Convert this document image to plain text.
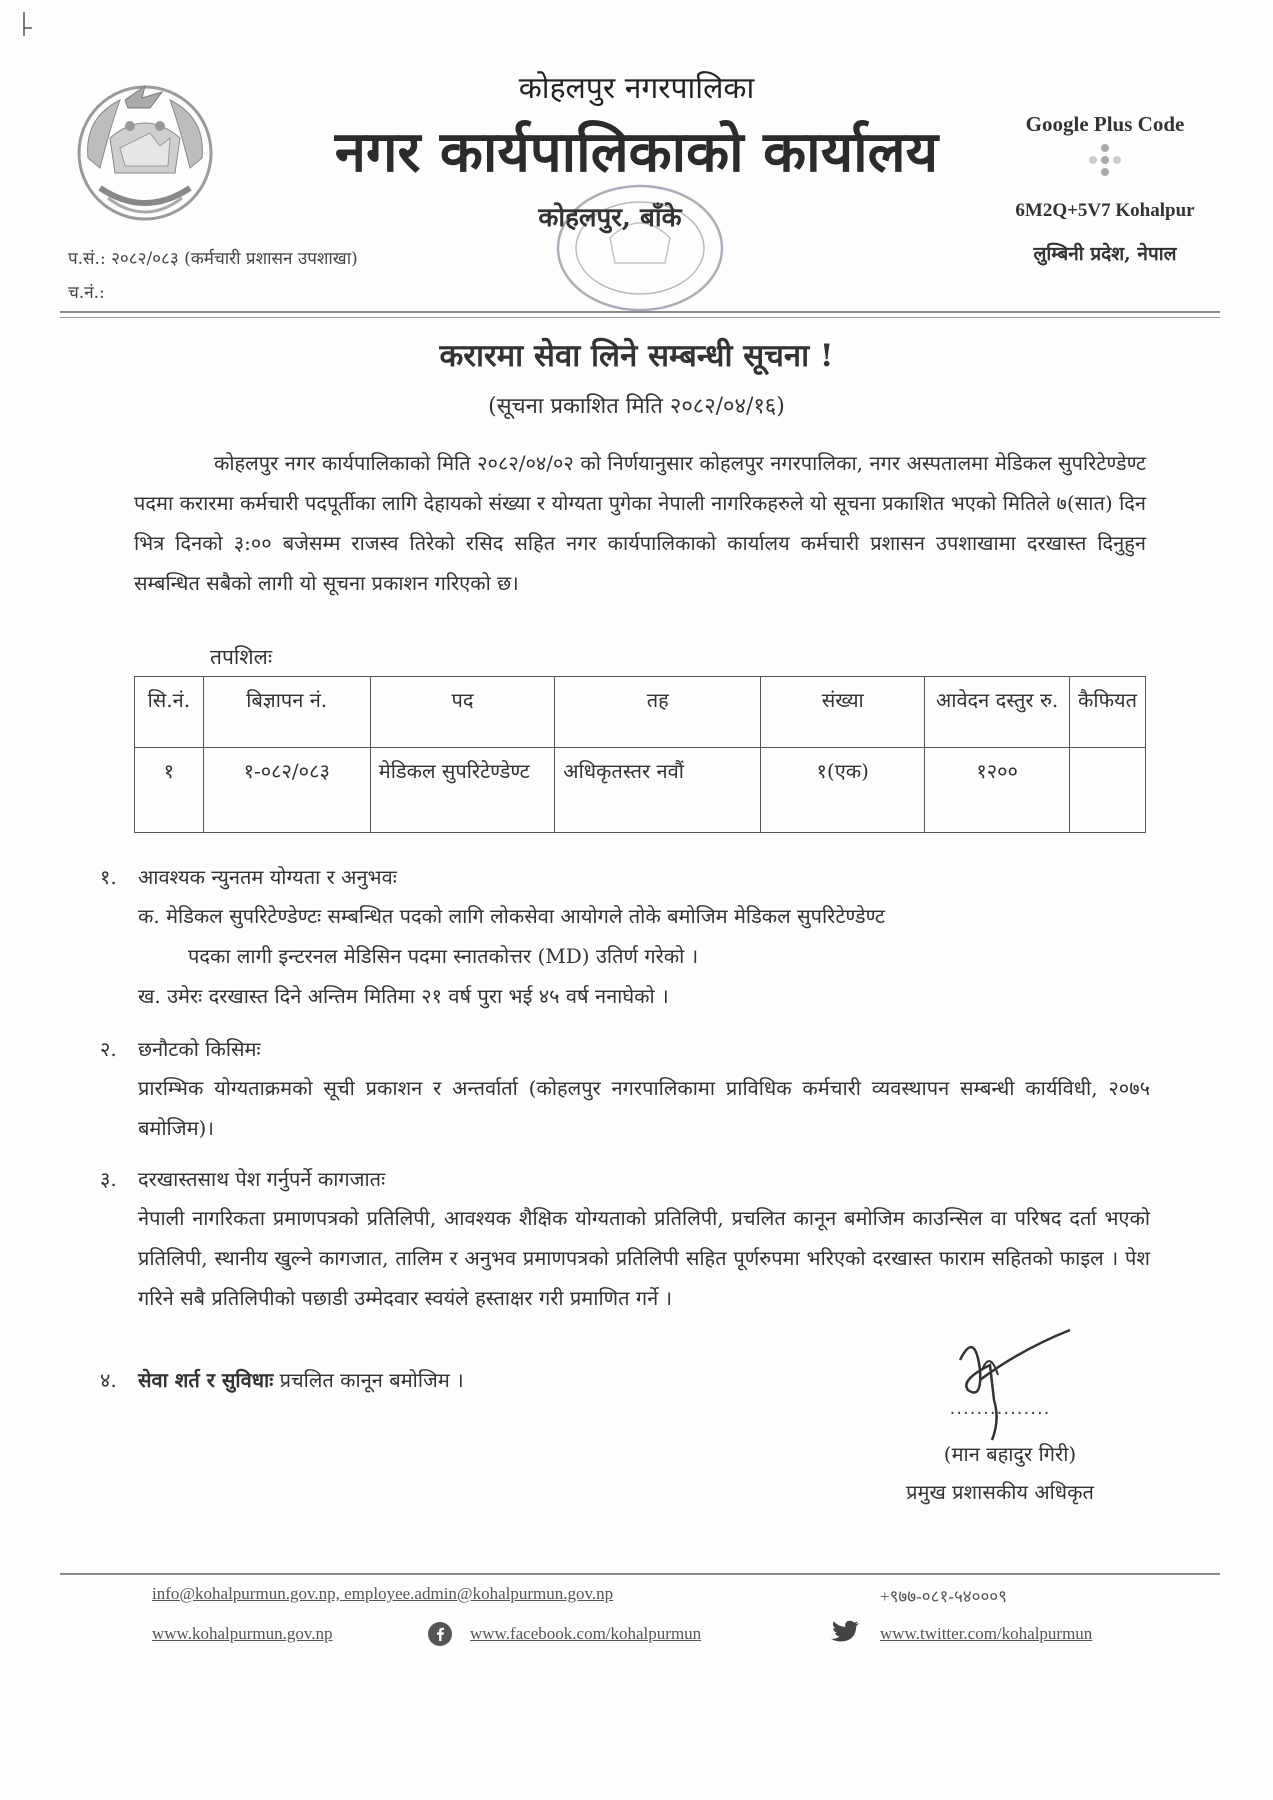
कोहलपुर नगरपालिका
नगर कार्यपालिकाको कार्यालय
कोहलपुर, बाँके
Google Plus Code
6M2Q+5V7 Kohalpur
लुम्बिनी प्रदेश, नेपाल
प.सं.: २०८२/०८३ (कर्मचारी प्रशासन उपशाखा)
च.नं.:
करारमा सेवा लिने सम्बन्धी सूचना !
(सूचना प्रकाशित मिति २०८२/०४/१६)
कोहलपुर नगर कार्यपालिकाको मिति २०८२/०४/०२ को निर्णयानुसार कोहलपुर नगरपालिका, नगर अस्पतालमा मेडिकल सुपरिटेण्डेण्ट पदमा करारमा कर्मचारी पदपूर्तीका लागि देहायको संख्या र योग्यता पुगेका नेपाली नागरिकहरुले यो सूचना प्रकाशित भएको मितिले ७(सात) दिन भित्र दिनको ३:०० बजेसम्म राजस्व तिरेको रसिद सहित नगर कार्यपालिकाको कार्यालय कर्मचारी प्रशासन उपशाखामा दरखास्त दिनुहुन सम्बन्धित सबैको लागी यो सूचना प्रकाशन गरिएको छ।
तपशिलः
सि.नं.	बिज्ञापन नं.	पद	तह	संख्या	आवेदन दस्तुर रु.	कैफियत
१	१-०८२/०८३	मेडिकल सुपरिटेण्डेण्ट	अधिकृतस्तर नवौं	१(एक)	१२००	
१. आवश्यक न्युनतम योग्यता र अनुभवः
क. मेडिकल सुपरिटेण्डेण्टः सम्बन्धित पदको लागि लोकसेवा आयोगले तोके बमोजिम मेडिकल सुपरिटेण्डेण्ट
पदका लागी इन्टरनल मेडिसिन पदमा स्नातकोत्तर (MD) उतिर्ण गरेको ।
ख. उमेरः दरखास्त दिने अन्तिम मितिमा २१ वर्ष पुरा भई ४५ वर्ष ननाघेको ।
२. छनौटको किसिमः
प्रारम्भिक योग्यताक्रमको सूची प्रकाशन र अन्तर्वार्ता (कोहलपुर नगरपालिकामा प्राविधिक कर्मचारी व्यवस्थापन सम्बन्धी कार्यविधी, २०७५ बमोजिम)।
३. दरखास्तसाथ पेश गर्नुपर्ने कागजातः
नेपाली नागरिकता प्रमाणपत्रको प्रतिलिपी, आवश्यक शैक्षिक योग्यताको प्रतिलिपी, प्रचलित कानून बमोजिम काउन्सिल वा परिषद दर्ता भएको प्रतिलिपी, स्थानीय खुल्ने कागजात, तालिम र अनुभव प्रमाणपत्रको प्रतिलिपी सहित पूर्णरुपमा भरिएको दरखास्त फाराम सहितको फाइल । पेश गरिने सबै प्रतिलिपीको पछाडी उम्मेदवार स्वयंले हस्ताक्षर गरी प्रमाणित गर्ने ।
४. सेवा शर्त र सुविधाः प्रचलित कानून बमोजिम ।
...............
(मान बहादुर गिरी)
प्रमुख प्रशासकीय अधिकृत
info@kohalpurmun.gov.np, employee.admin@kohalpurmun.gov.np	+९७७-०८१-५४०००९
www.kohalpurmun.gov.np	www.facebook.com/kohalpurmun	www.twitter.com/kohalpurmun
